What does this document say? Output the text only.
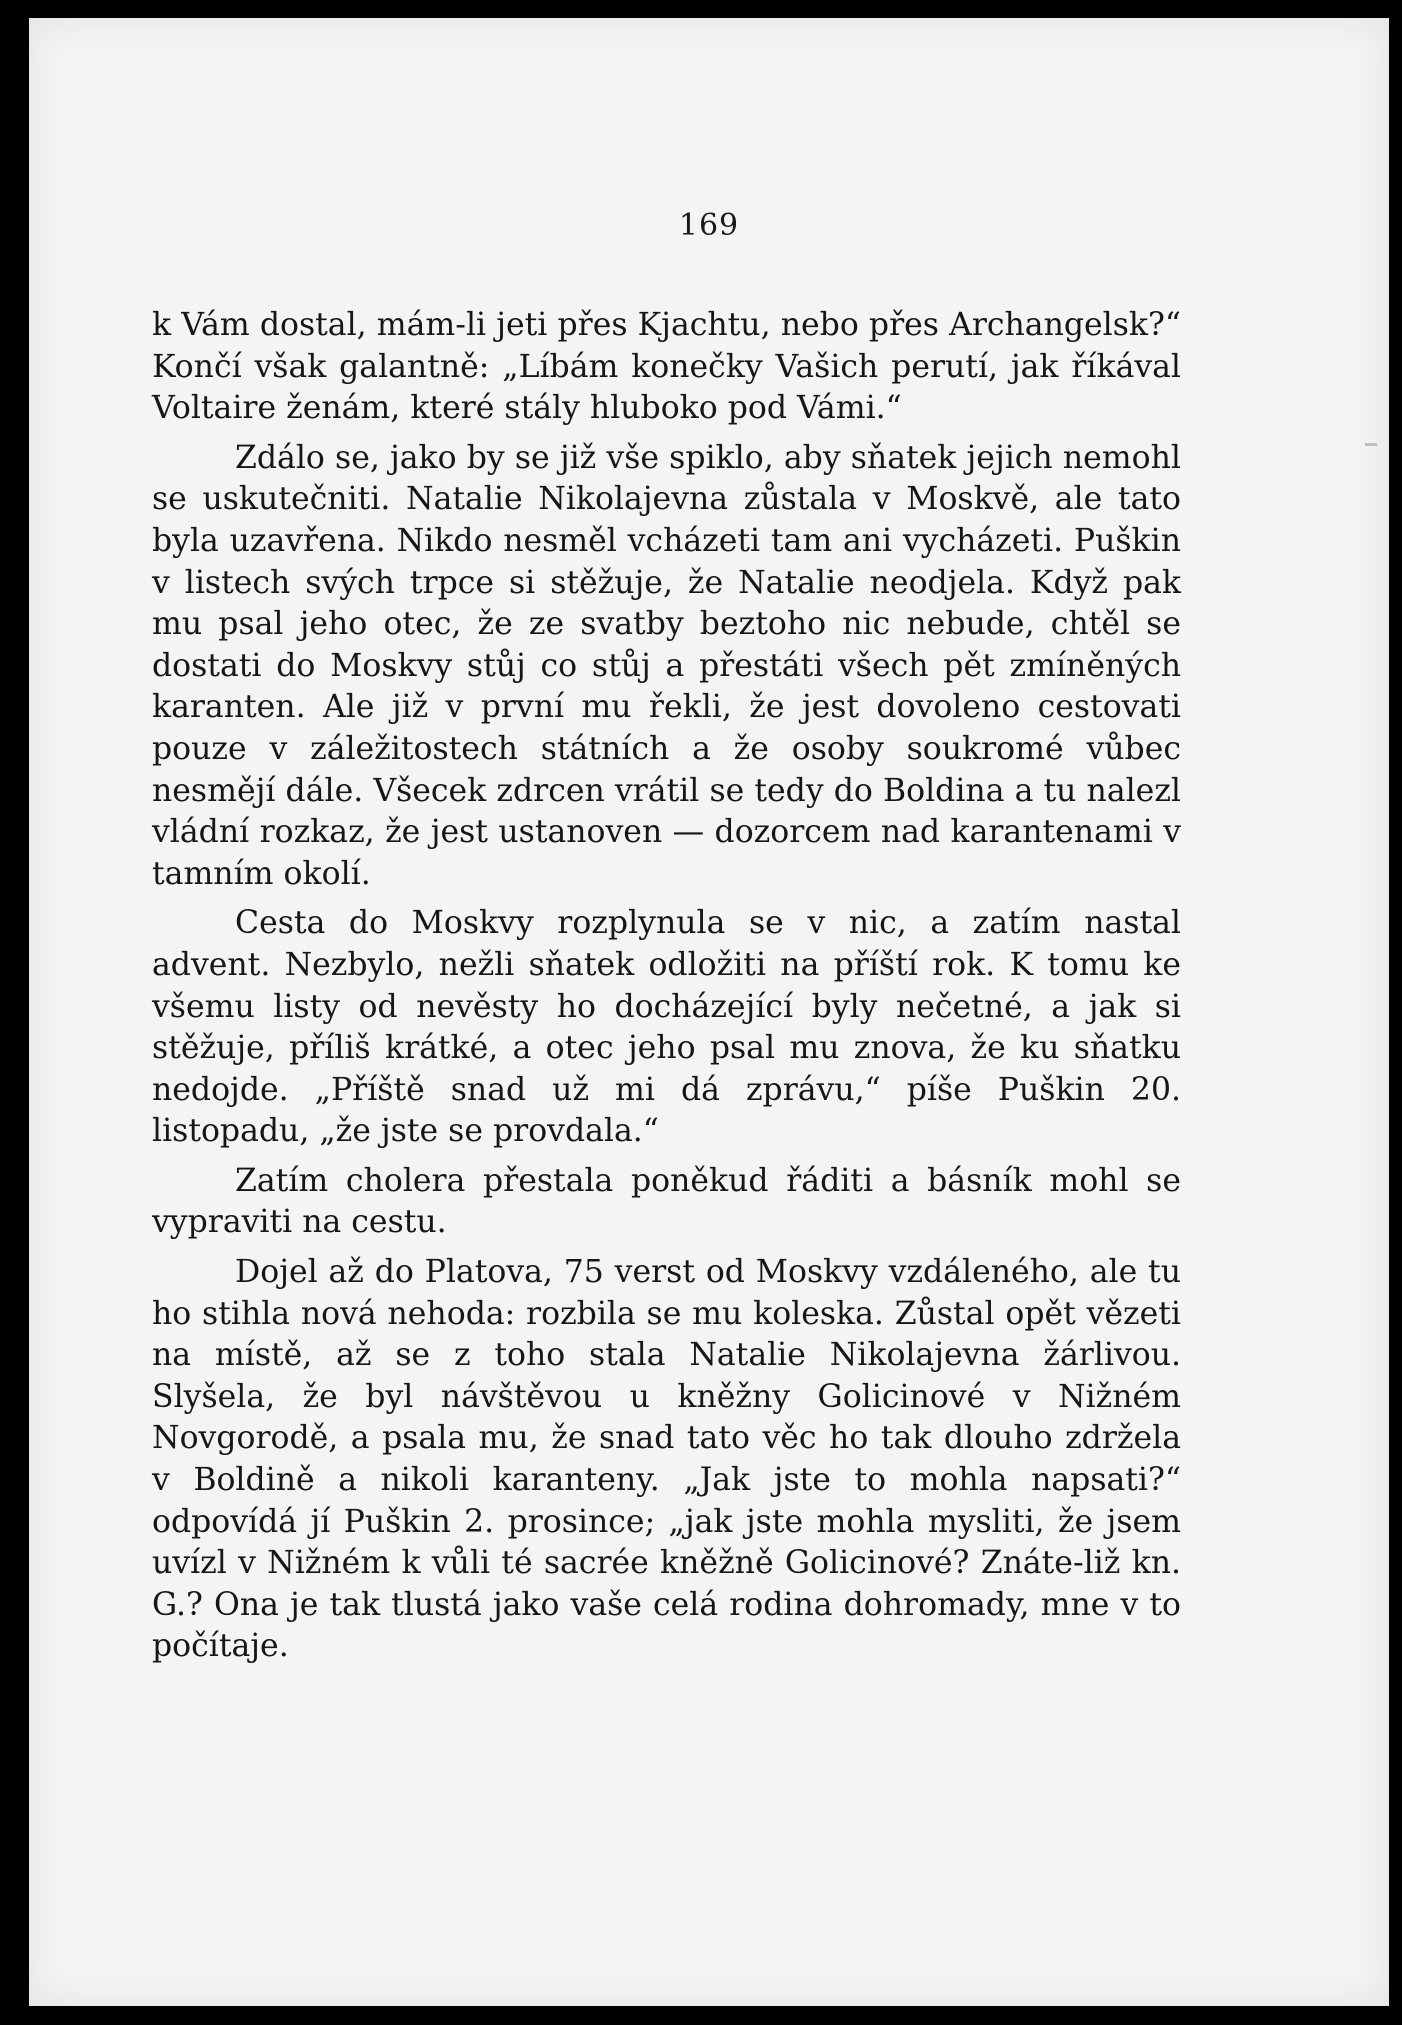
169

k Vám dostal, mám-li jeti přes Kjachtu, nebo přes Archangelsk?“ Končí však galantně: „Líbám konečky Vašich perutí, jak říkával Voltaire ženám, které stály hluboko pod Vámi.“

Zdálo se, jako by se již vše spiklo, aby sňatek jejich nemohl se uskutečniti. Natalie Nikolajevna zůstala v Moskvě, ale tato byla uzavřena. Nikdo nesměl vcházeti tam ani vycházeti. Puškin v listech svých trpce si stěžuje, že Natalie neodjela. Když pak mu psal jeho otec, že ze svatby beztoho nic nebude, chtěl se dostati do Moskvy stůj co stůj a přestáti všech pět zmíněných karanten. Ale již v první mu řekli, že jest dovoleno cestovati pouze v záležitostech státních a že osoby soukromé vůbec nesmějí dále. Všecek zdrcen vrátil se tedy do Boldina a tu nalezl vládní rozkaz, že jest ustanoven — dozorcem nad karantenami v tamním okolí.

Cesta do Moskvy rozplynula se v nic, a zatím nastal advent. Nezbylo, nežli sňatek odložiti na příští rok. K tomu ke všemu listy od nevěsty ho docházející byly nečetné, a jak si stěžuje, příliš krátké, a otec jeho psal mu znova, že ku sňatku nedojde. „Příště snad už mi dá zprávu,“ píše Puškin 20. listopadu, „že jste se provdala.“

Zatím cholera přestala poněkud řáditi a básník mohl se vypraviti na cestu.

Dojel až do Platova, 75 verst od Moskvy vzdáleného, ale tu ho stihla nová nehoda: rozbila se mu koleska. Zůstal opět vězeti na místě, až se z toho stala Natalie Nikolajevna žárlivou. Slyšela, že byl návštěvou u kněžny Golicinové v Nižném Novgorodě, a psala mu, že snad tato věc ho tak dlouho zdržela v Boldině a nikoli karanteny. „Jak jste to mohla napsati?“ odpovídá jí Puškin 2. prosince; „jak jste mohla mysliti, že jsem uvízl v Nižném k vůli té sacrée kněžně Golicinové? Znáte-liž kn. G.? Ona je tak tlustá jako vaše celá rodina dohromady, mne v to počítaje.
